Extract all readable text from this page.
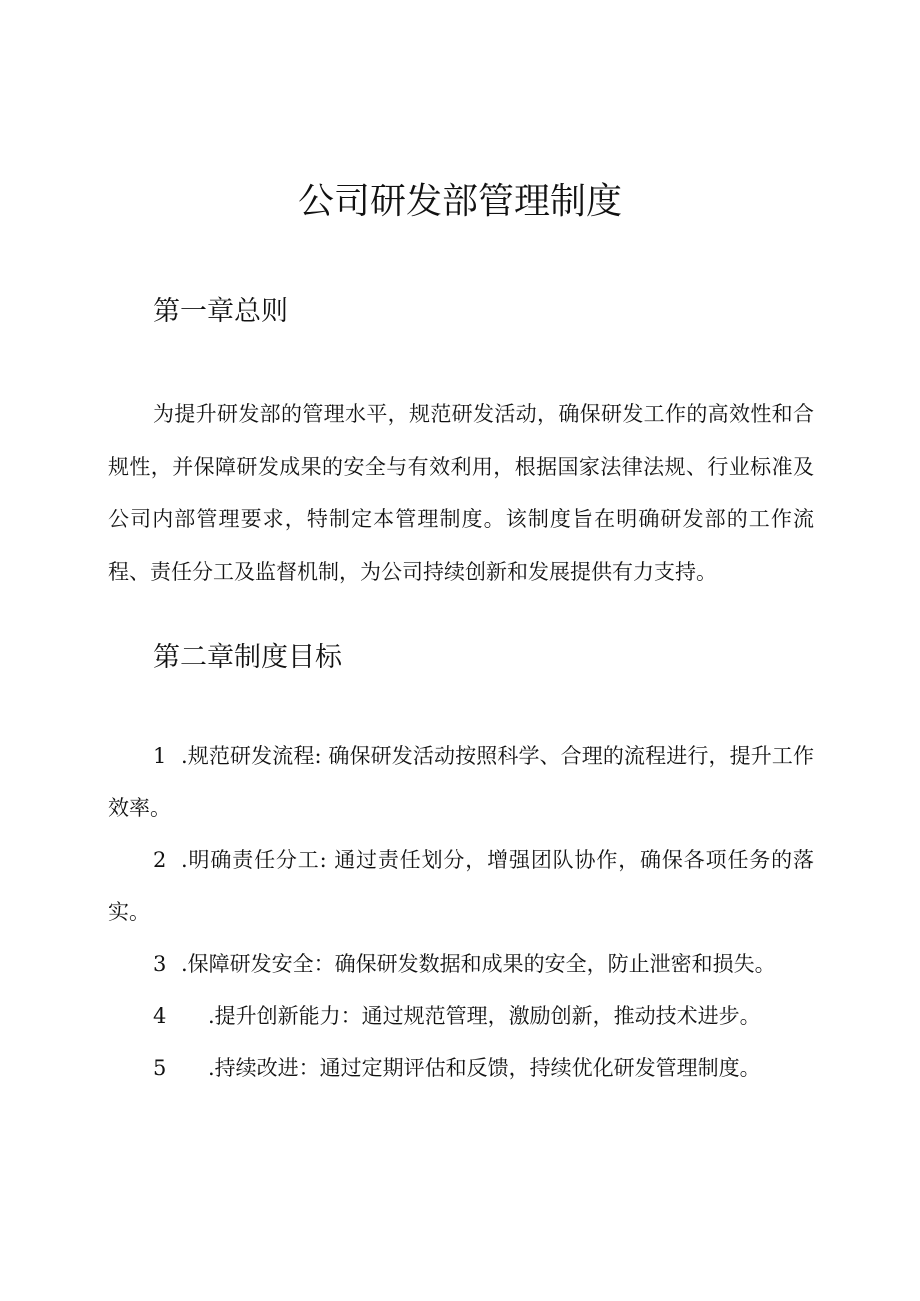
公司研发部管理制度
第一章总则

为提升研发部的管理水平，规范研发活动，确保研发工作的高效性和合规性，并保障研发成果的安全与有效利用，根据国家法律法规、行业标准及公司内部管理要求，特制定本管理制度。该制度旨在明确研发部的工作流程、责任分工及监督机制，为公司持续创新和发展提供有力支持。

第二章制度目标
1 .规范研发流程: 确保研发活动按照科学、合理的流程进行，提升工作效率。
2 .明确责任分工: 通过责任划分，增强团队协作，确保各项任务的落实。
3 .保障研发安全：确保研发数据和成果的安全，防止泄密和损失。
4 .提升创新能力：通过规范管理，激励创新，推动技术进步。
5 .持续改进：通过定期评估和反馈，持续优化研发管理制度。
